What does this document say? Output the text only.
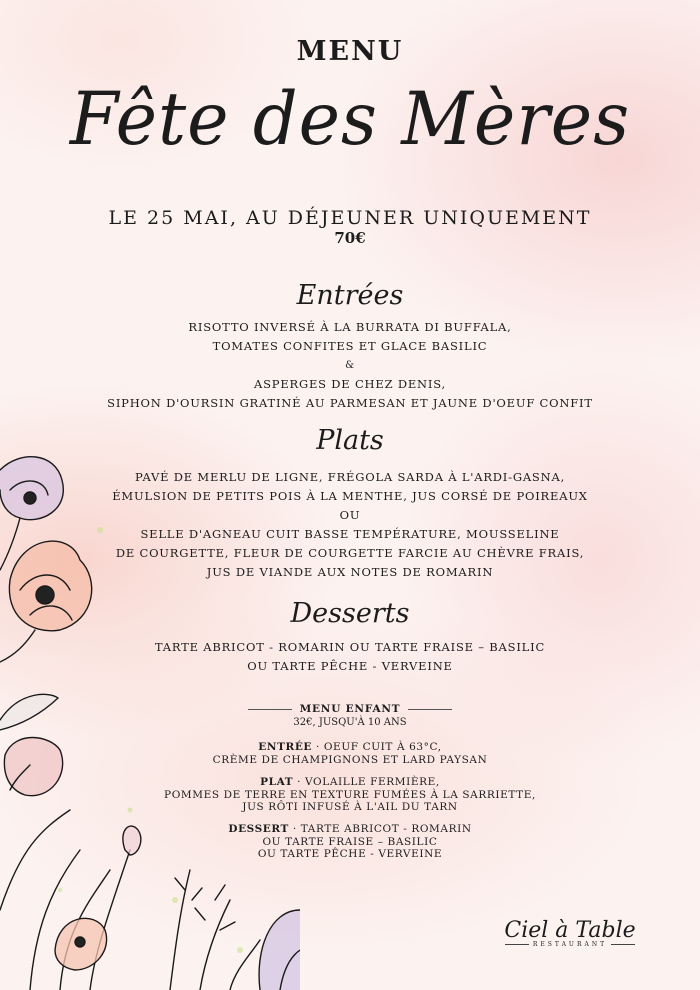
MENU
Fête des Mères
LE 25 MAI, AU DÉJEUNER UNIQUEMENT
70€
Entrées
RISOTTO INVERSÉ À LA BURRATA DI BUFFALA,
TOMATES CONFITES ET GLACE BASILIC
&
ASPERGES DE CHEZ DENIS,
SIPHON D'OURSIN GRATINÉ AU PARMESAN ET JAUNE D'OEUF CONFIT
Plats
PAVÉ DE MERLU DE LIGNE, FRÉGOLA SARDA À L'ARDI-GASNA,
ÉMULSION DE PETITS POIS À LA MENTHE, JUS CORSÉ DE POIREAUX
OU
SELLE D'AGNEAU CUIT BASSE TEMPÉRATURE, MOUSSELINE
DE COURGETTE, FLEUR DE COURGETTE FARCIE AU CHÈVRE FRAIS,
JUS DE VIANDE AUX NOTES DE ROMARIN
Desserts
TARTE ABRICOT - ROMARIN OU TARTE FRAISE – BASILIC
OU TARTE PÊCHE - VERVEINE
MENU ENFANT
32€, JUSQU'À 10 ANS
ENTRÉE · OEUF CUIT À 63°C,
CRÈME DE CHAMPIGNONS ET LARD PAYSAN
PLAT · VOLAILLE FERMIÈRE,
POMMES DE TERRE EN TEXTURE FUMÉES À LA SARRIETTE,
JUS RÔTI INFUSÉ À L'AIL DU TARN
DESSERT · TARTE ABRICOT - ROMARIN
OU TARTE FRAISE – BASILIC
OU TARTE PÊCHE - VERVEINE
Ciel à Table
RESTAURANT
